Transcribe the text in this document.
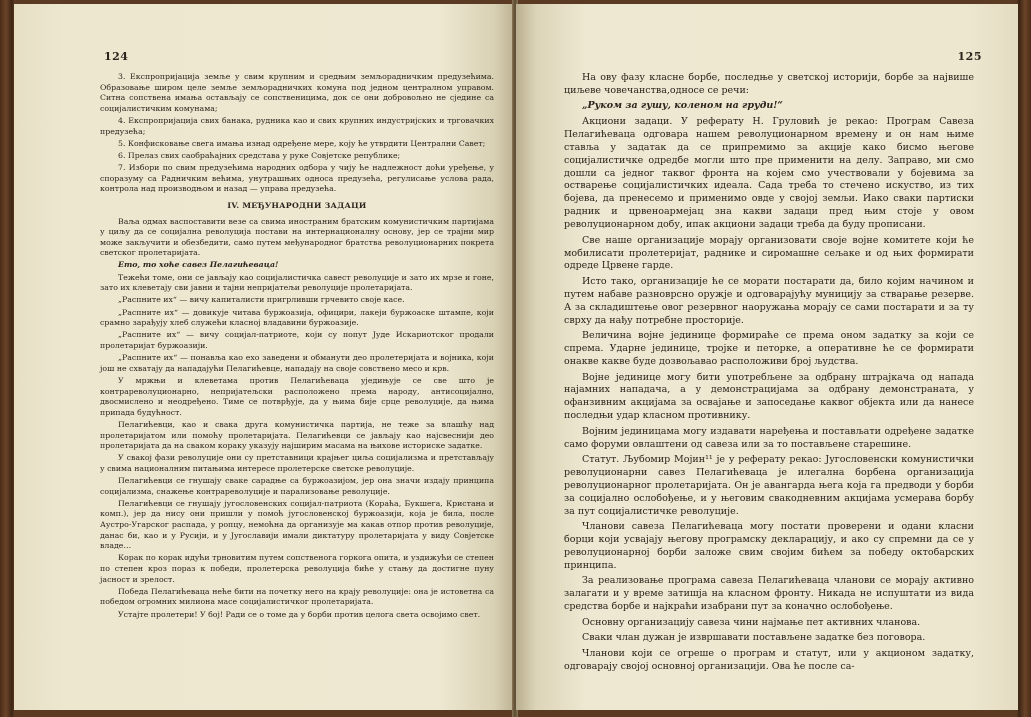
124

3. Експропријација земље у свим крупним и средњим земљорадничким предузећима. Образовање широм целе земље земљорадничких комуна под једном централном управом. Ситна сопствена имања остављају се сопственицима, док се они добровољно не сједине са социјалистичким комунама;

4. Експропријација свих банака, рудника као и свих крупних индустријских и трговачких предузећа;

5. Конфисковање свега имања изнад одређене мере, коју ће утврдити Централни Савет;

6. Прелаз свих саобраћајних средстава у руке Совјетске републике;

7. Избори по свим предузећима народних одбора у чију ће надлежност доћи уређење, у споразуму са Радничким већима, унутрашњих односа предузећа, регулисање услова рада, контрола над производњом и назад — управа предузећа.

IV. МЕЂУНАРОДНИ ЗАДАЦИ

Ваља одмах васпоставити везе са свима иностраним братским комунистичким партијама у циљу да се социјална револуција постави на интернационалну основу, јер се трајни мир може закључити и обезбедити, само путем међународног братства револуционарних покрета светског пролетаријата.

Ето, то хоће савез Пелагићеваца!

Тежећи томе, они се јављају као социјалистичка савест револуције и зато их мрзе и гоне, зато их клеветају сви јавни и тајни непријатељи револуције пролетаријата.

„Распните их“ — вичу капиталисти пригрливши грчевито своје касе.

„Распните их“ — довикује читава буржоазија, официри, лакеји буржоаске штампе, који срамно зарађују хлеб служећи класној владавини буржоазије.

„Распните их“ — вичу социјал-патриоте, који су попут Јуде Искариотског продали пролетаријат буржоазији.

„Распните их“ — понавља као ехо заведени и обманути део пролетеријата и војника, који још не схватају да нападајући Пелагићевце, нападају на своје совствено месо и крв.

У мржњи и клеветама против Пелагићеваца уједињује се све што је контрареволуционарно, непријатељски расположено према народу, антисоцијално, двосмислено и неодређено. Тиме се потврђује, да у њима бије срце револуције, да њима припада будућност.

Пелагићевци, као и свака друга комунистичка партија, не теже за влашћу над пролетаријатом или помоћу пролетаријата. Пелагићевци се јављају као најсвеснији део пролетаријата да на сваком кораку указују најширим масама на њихове историске задатке.

У свакој фази револуције они су претставници крајњег циља социјализма и претстављају у свима националним питањима интересе пролетерске светске револуције.

Пелагићевци се гнушају сваке сарадње са буржоазијом, јер она значи издају принципа социјализма, снажење контрареволуције и парализовање револуције.

Пелагићевци се гнушају југословенских социјал-патриота (Кораћа, Букшега, Кристана и комп.), јер да нису они пришли у помоћ југословенској буржоазији, која је била, после Аустро-Угарског распада, у ропцу, немоћна да организује ма какав отпор против револуције, данас би, као и у Русији, и у Југославији имали диктатуру пролетаријата у виду Совјетске владе…

Корак по корак идући трновитим путем сопственога горкога опита, и уздижући се степен по степен кроз пораз к победи, пролетерска револуција биће у стању да достигне пуну јасност и зрелост.

Победа Пелагићеваца неће бити на почетку него на крају револуције: она је истоветна са победом огромних милиона масе социјалистичког пролетаријата.

Устајте пролетери! У бој! Ради се о томе да у борби против целога света освојимо свет.

125

На ову фазу класне борбе, последње у светској историји, борбе за највише циљеве човечанства,односе се речи:

„Руком за гушу, коленом на груди!“

Акциони задаци. У реферату Н. Груловић је рекао: Програм Савеза Пелагићеваца одговара нашем револуционарном времену и он нам њиме ставља у задатак да се припремимо за акције како бисмо његове социјалистичке одредбе могли што пре применити на делу. Заправо, ми смо дошли са једног таквог фронта на којем смо учествовали у бојевима за остварење социјалистичких идеала. Сада треба то стечено искуство, из тих бојева, да пренесемо и применимо овде у својој земљи. Иако сваки партиски радник и црвеноармејац зна какви задаци пред њим стоје у овом револуционарном добу, ипак акциони задаци треба да буду прописани.

Све наше организације морају организовати своје војне комитете који ће мобилисати пролетеријат, раднике и сиромашне сељаке и од њих формирати одреде Црвене гарде.

Исто тако, организације ће се морати постарати да, било којим начином и путем набаве разноврсно оружје и одговарајућу муницију за стварање резерве. А за складиштење овог резервног наоружања морају се сами постарати и за ту сврху да нађу потребне просторије.

Величина војне јединице формираће се према оном задатку за који се спрема. Ударне јединице, тројке и петорке, а оперативне ће се формирати онакве какве буде дозвољавао расположиви број људства.

Војне јединице могу бити употребљене за одбрану штрајкача од напада најамних нападача, а у демонстрацијама за одбрану демонстраната, у офанзивним акцијама за освајање и запоседање каквог објекта или да нанесе последњи удар класном противнику.

Војним јединицама могу издавати наређења и постављати одређене задатке само форуми овлаштени од савеза или за то постављене старешине.

Статут. Љубомир Мојин¹¹ је у реферату рекао: Југословенски комунистички револуционарни савез Пелагићеваца је илегална борбена организација револуционарног пролетаријата. Он је авангарда њега која га предводи у борби за социјално ослобођење, и у његовим свакодневним акцијама усмерава борбу за пут социјалистичке револуције.

Чланови савеза Пелагићеваца могу постати проверени и одани класни борци који усвајају његову програмску декларацију, и ако су спремни да се у револуционарној борби заложе свим својим бићем за победу октобарских принципа.

За реализовање програма савеза Пелагићеваца чланови се морају активно залагати и у време затишја на класном фронту. Никада не испуштати из вида средства борбе и најкраћи изабрани пут за коначно ослобођење.

Основну организацију савеза чини најмање пет активних чланова.

Сваки члан дужан је извршавати постављене задатке без поговора.

Чланови који се огреше о програм и статут, или у акционом задатку, одговарају својој основној организацији. Ова ће после са-
